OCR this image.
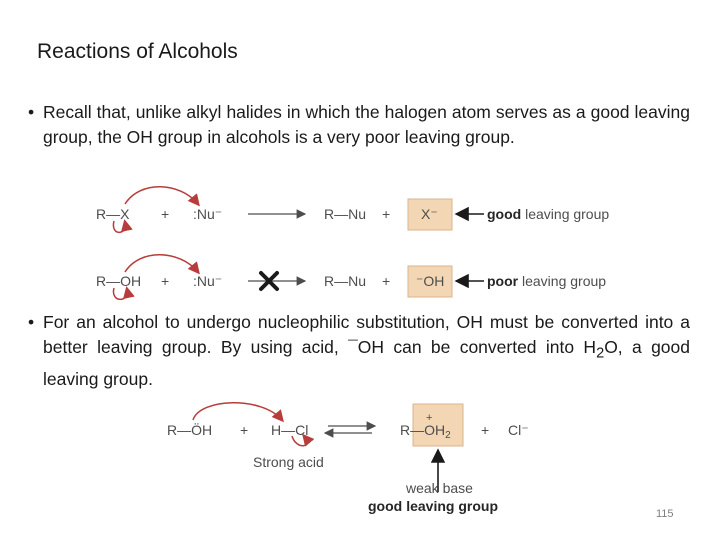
Reactions of Alcohols
• Recall that, unlike alkyl halides in which the halogen atom serves as a good leaving group, the OH group in alcohols is a very poor leaving group.
• For an alcohol to undergo nucleophilic substitution, OH must be converted into a better leaving group. By using acid, ¯OH can be converted into $H_2O$, a good leaving group.
R—X + :Nu⁻	R—Nu + X⁻	good leaving group
R—OH + :Nu⁻	R—Nu + ⁻OH	poor leaving group
R—ÖH + H—Cl
Strong acid
+
$R—OH_2 + Cl^-$
weak base
good leaving group	115
